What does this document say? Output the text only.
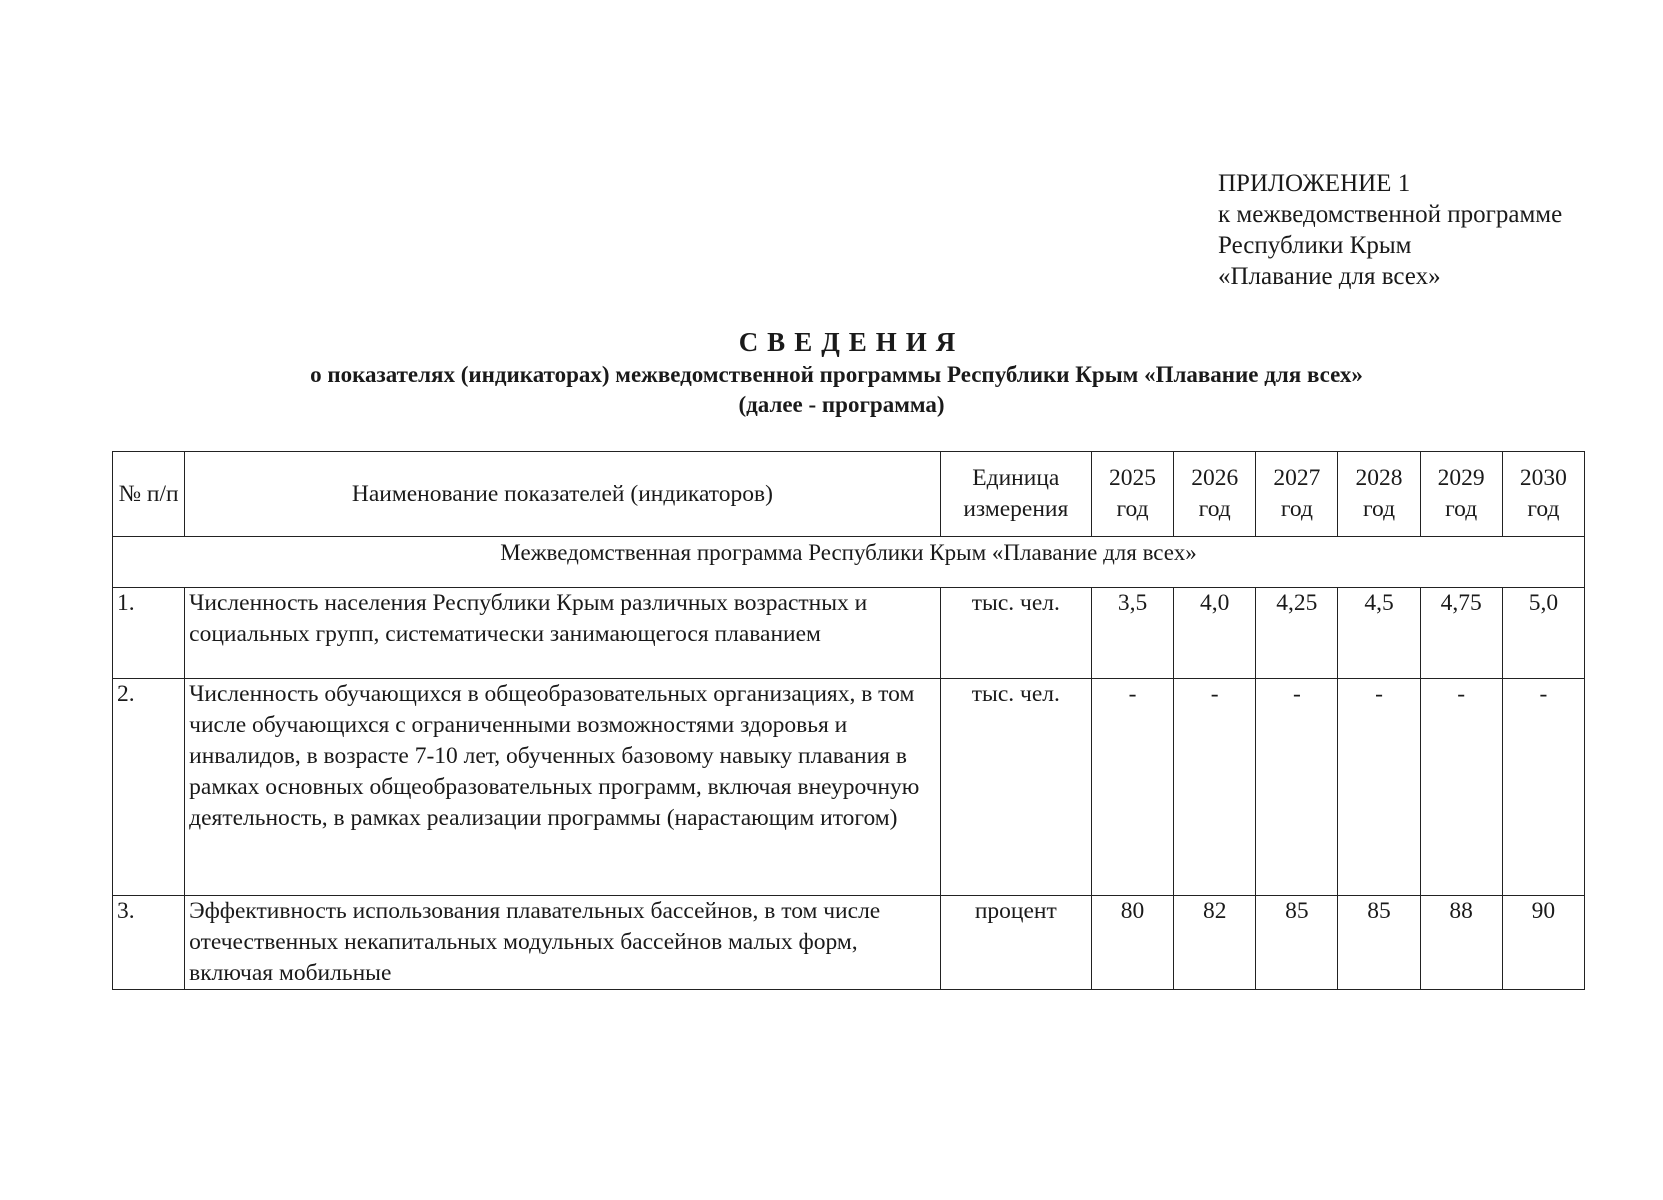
ПРИЛОЖЕНИЕ 1
к межведомственной программе
Республики Крым
«Плавание для всех»
СВЕДЕНИЯ
о показателях (индикаторах) межведомственной программы Республики Крым «Плавание для всех»
(далее - программа)
№ п/п	Наименование показателей (индикаторов)	Единица измерения	2025 год	2026 год	2027 год	2028 год	2029 год	2030 год
Межведомственная программа Республики Крым «Плавание для всех»								
1.	Численность населения Республики Крым различных возрастных и социальных групп, систематически занимающегося плаванием	тыс. чел.	3,5	4,0	4,25	4,5	4,75	5,0
2.	Численность обучающихся в общеобразовательных организациях, в том числе обучающихся с ограниченными возможностями здоровья и инвалидов, в возрасте 7-10 лет, обученных базовому навыку плавания в рамках основных общеобразовательных программ, включая внеурочную деятельность, в рамках реализации программы (нарастающим итогом)	тыс. чел.	-	-	-	-	-	-
3.	Эффективность использования плавательных бассейнов, в том числе отечественных некапитальных модульных бассейнов малых форм, включая мобильные	процент	80	82	85	85	88	90
